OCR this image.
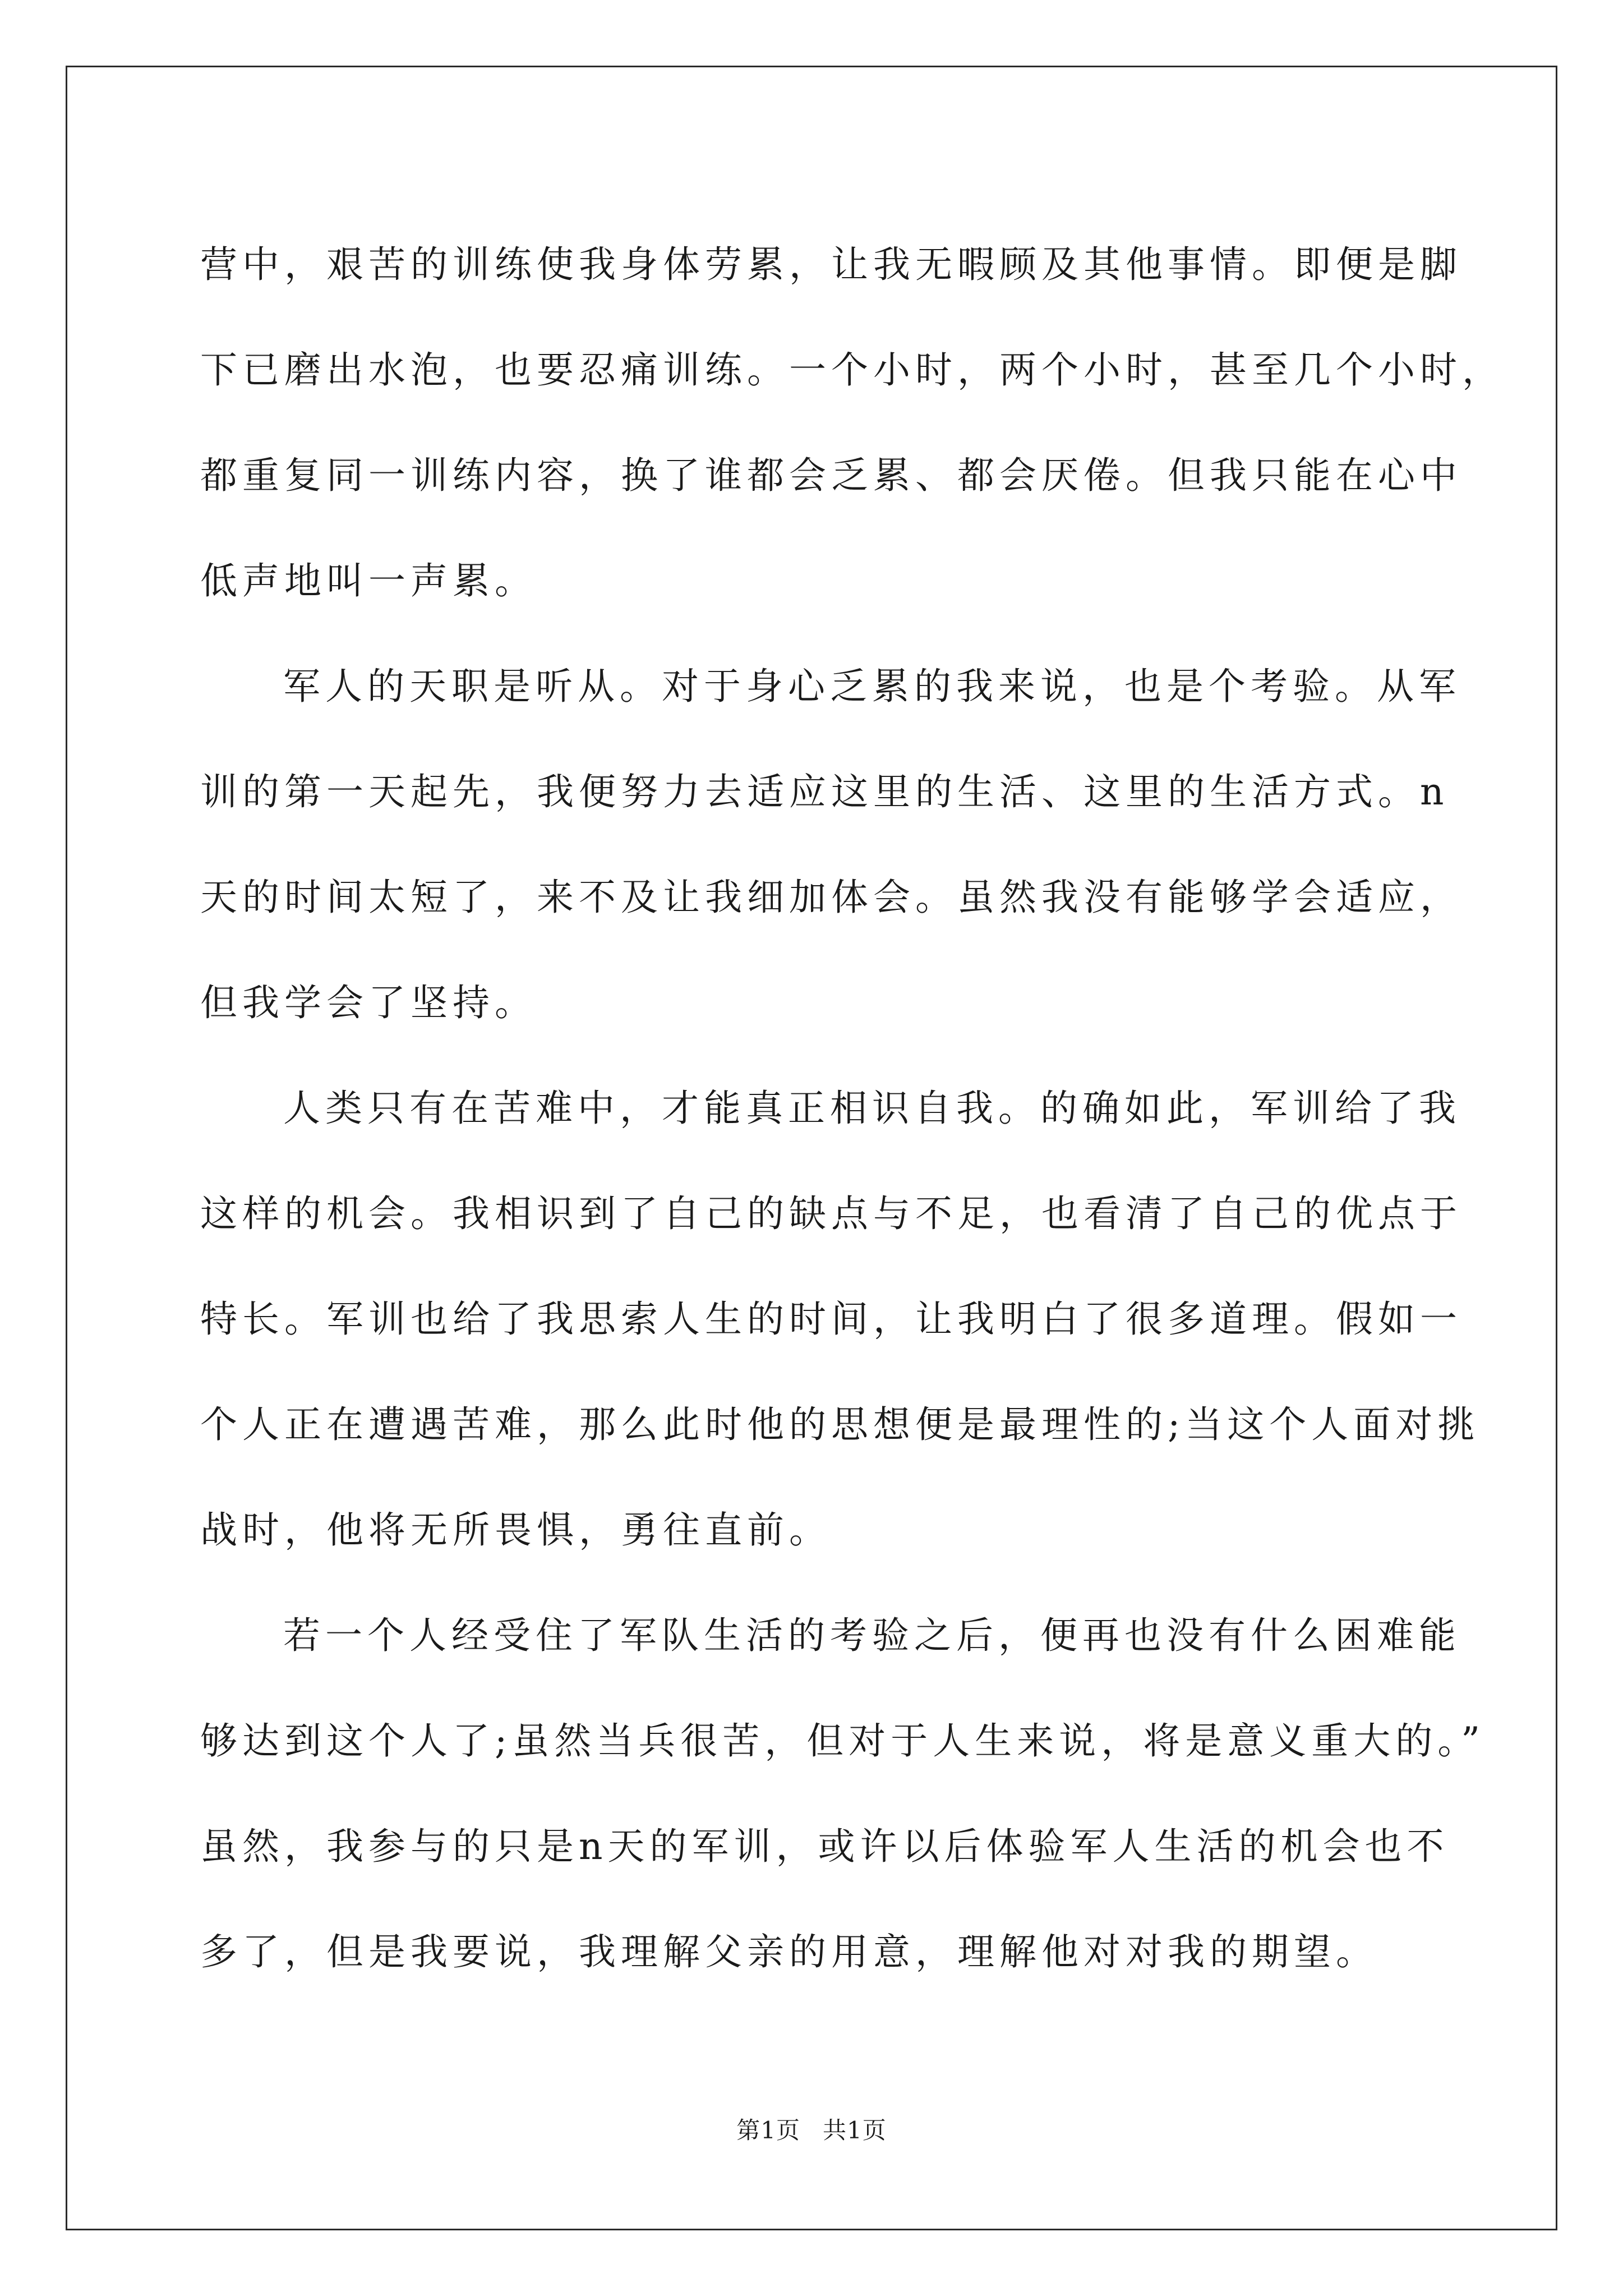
营中，艰苦的训练使我身体劳累，让我无暇顾及其他事情。即便是脚
下已磨出水泡，也要忍痛训练。一个小时，两个小时，甚至几个小时，
都重复同一训练内容，换了谁都会乏累、都会厌倦。但我只能在心中
低声地叫一声累。

军人的天职是听从。对于身心乏累的我来说，也是个考验。从军
训的第一天起先，我便努力去适应这里的生活、这里的生活方式。n
天的时间太短了，来不及让我细加体会。虽然我没有能够学会适应，
但我学会了坚持。

人类只有在苦难中，才能真正相识自我。的确如此，军训给了我
这样的机会。我相识到了自己的缺点与不足，也看清了自己的优点于
特长。军训也给了我思索人生的时间，让我明白了很多道理。假如一
个人正在遭遇苦难，那么此时他的思想便是最理性的;当这个人面对挑
战时，他将无所畏惧，勇往直前。

若一个人经受住了军队生活的考验之后，便再也没有什么困难能
够达到这个人了;虽然当兵很苦，但对于人生来说，将是意义重大的。”
虽然，我参与的只是n天的军训，或许以后体验军人生活的机会也不
多了，但是我要说，我理解父亲的用意，理解他对对我的期望。

第1页 共1页
